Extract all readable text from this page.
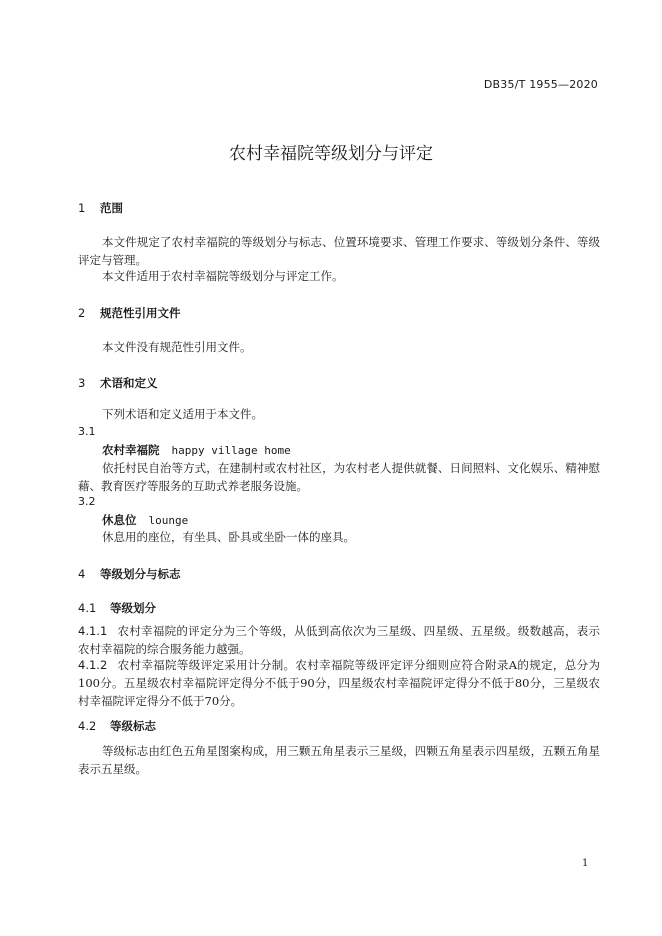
DB35/T 1955—2020
农村幸福院等级划分与评定
1 范围
本文件规定了农村幸福院的等级划分与标志、位置环境要求、管理工作要求、等级划分条件、等级评定与管理。
本文件适用于农村幸福院等级划分与评定工作。
2 规范性引用文件
本文件没有规范性引用文件。
3 术语和定义
下列术语和定义适用于本文件。
3.1
农村幸福院 happy village home
依托村民自治等方式，在建制村或农村社区，为农村老人提供就餐、日间照料、文化娱乐、精神慰藉、教育医疗等服务的互助式养老服务设施。
3.2
休息位 lounge
休息用的座位，有坐具、卧具或坐卧一体的座具。
4 等级划分与标志
4.1 等级划分
4.1.1 农村幸福院的评定分为三个等级，从低到高依次为三星级、四星级、五星级。级数越高，表示农村幸福院的综合服务能力越强。
4.1.2 农村幸福院等级评定采用计分制。农村幸福院等级评定评分细则应符合附录A的规定，总分为100分。五星级农村幸福院评定得分不低于90分，四星级农村幸福院评定得分不低于80分，三星级农村幸福院评定得分不低于70分。
4.2 等级标志
等级标志由红色五角星图案构成，用三颗五角星表示三星级，四颗五角星表示四星级，五颗五角星表示五星级。
1
